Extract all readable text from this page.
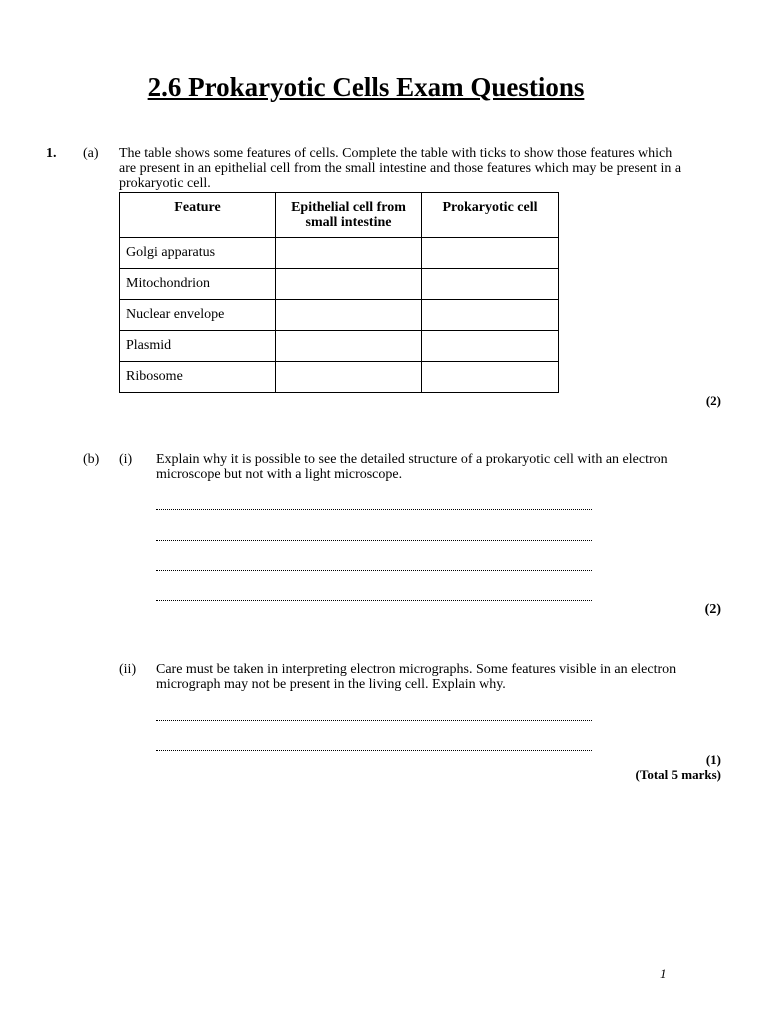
2.6 Prokaryotic Cells Exam Questions
1. (a) The table shows some features of cells. Complete the table with ticks to show those features which are present in an epithelial cell from the small intestine and those features which may be present in a prokaryotic cell.
Feature	Epithelial cell from small intestine	Prokaryotic cell
Golgi apparatus		
Mitochondrion		
Nuclear envelope		
Plasmid		
Ribosome		
(2)
(b) (i) Explain why it is possible to see the detailed structure of a prokaryotic cell with an electron microscope but not with a light microscope.
(2)
(ii) Care must be taken in interpreting electron micrographs. Some features visible in an electron micrograph may not be present in the living cell. Explain why.
(1)
(Total 5 marks)
1
